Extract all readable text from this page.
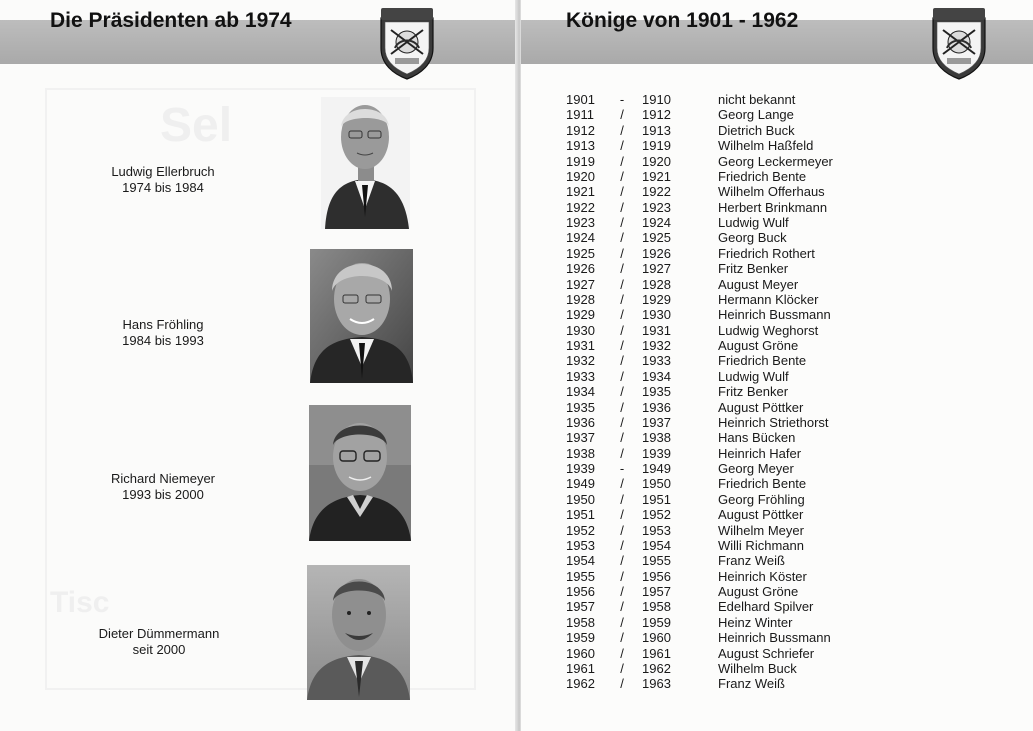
Die Präsidenten ab 1974
Sel
Tisc
Ludwig Ellerbruch
1974 bis 1984
Hans Fröhling
1984 bis 1993
Richard Niemeyer
1993 bis 2000
Dieter Dümmermann
seit 2000
Könige von 1901 - 1962
1901 - 1910	nicht bekannt
1911 / 1912	Georg Lange
1912 / 1913	Dietrich Buck
1913 / 1919	Wilhelm Haßfeld
1919 / 1920	Georg Leckermeyer
1920 / 1921	Friedrich Bente
1921 / 1922	Wilhelm Offerhaus
1922 / 1923	Herbert Brinkmann
1923 / 1924	Ludwig Wulf
1924 / 1925	Georg Buck
1925 / 1926	Friedrich Rothert
1926 / 1927	Fritz Benker
1927 / 1928	August Meyer
1928 / 1929	Hermann Klöcker
1929 / 1930	Heinrich Bussmann
1930 / 1931	Ludwig Weghorst
1931 / 1932	August Gröne
1932 / 1933	Friedrich Bente
1933 / 1934	Ludwig Wulf
1934 / 1935	Fritz Benker
1935 / 1936	August Pöttker
1936 / 1937	Heinrich Striethorst
1937 / 1938	Hans Bücken
1938 / 1939	Heinrich Hafer
1939 - 1949	Georg Meyer
1949 / 1950	Friedrich Bente
1950 / 1951	Georg Fröhling
1951 / 1952	August Pöttker
1952 / 1953	Wilhelm Meyer
1953 / 1954	Willi Richmann
1954 / 1955	Franz Weiß
1955 / 1956	Heinrich Köster
1956 / 1957	August Gröne
1957 / 1958	Edelhard Spilver
1958 / 1959	Heinz Winter
1959 / 1960	Heinrich Bussmann
1960 / 1961	August Schriefer
1961 / 1962	Wilhelm Buck
1962 / 1963	Franz Weiß
